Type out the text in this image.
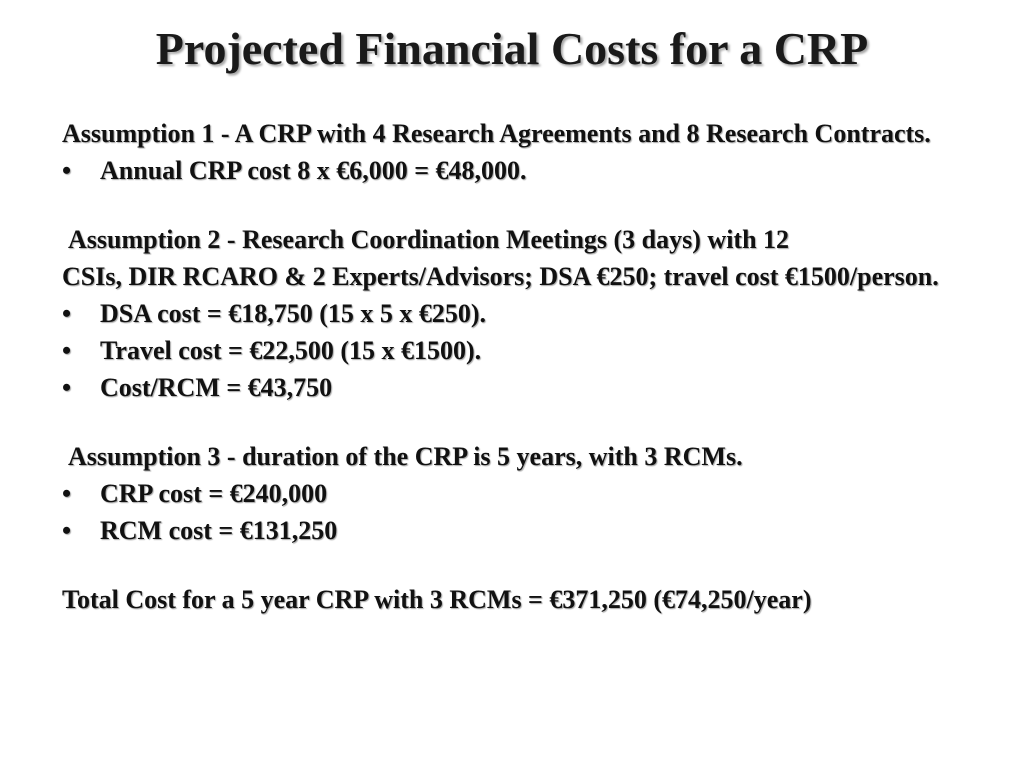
Projected Financial Costs for a CRP

Assumption 1 - A CRP with 4 Research Agreements and 8 Research Contracts.

•	Annual CRP cost 8 x €6,000 = €48,000.

Assumption 2 - Research Coordination Meetings (3 days) with 12

CSIs, DIR RCARO & 2 Experts/Advisors; DSA €250; travel cost €1500/person.

•	DSA cost = €18,750 (15 x 5 x €250).
•	Travel cost = €22,500 (15 x €1500).
•	Cost/RCM = €43,750

Assumption 3 - duration of the CRP is 5 years, with 3 RCMs.

•	CRP cost = €240,000
•	RCM cost = €131,250

Total Cost for a 5 year CRP with 3 RCMs = €371,250 (€74,250/year)
